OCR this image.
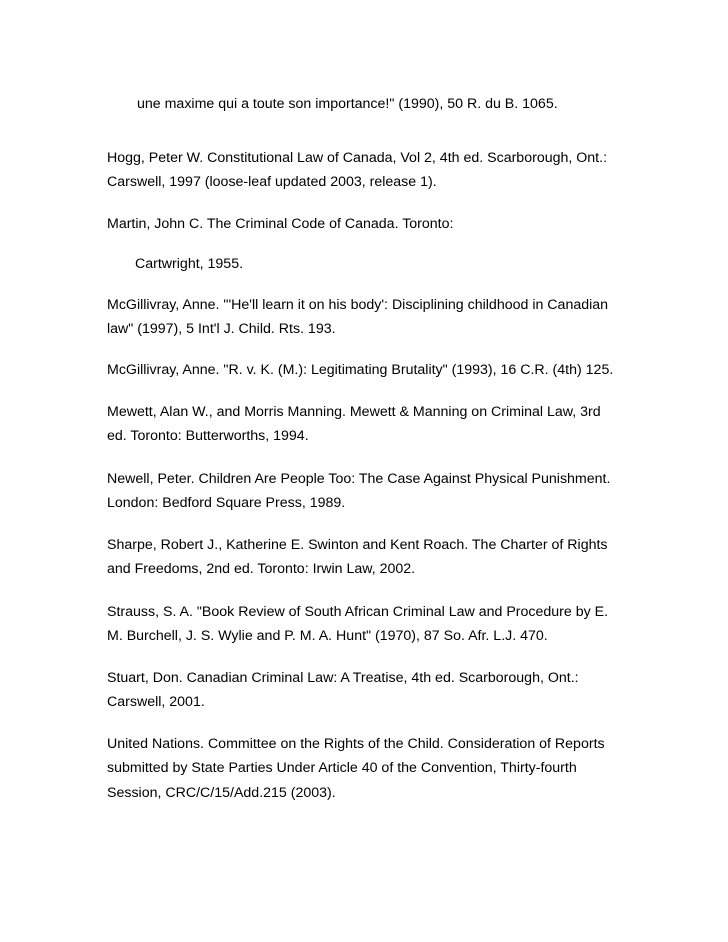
une maxime qui a toute son importance!" (1990), 50 R. du B. 1065.
Hogg, Peter W. Constitutional Law of Canada, Vol 2, 4th ed. Scarborough, Ont.:
Carswell, 1997 (loose-leaf updated 2003, release 1).
Martin, John C. The Criminal Code of Canada. Toronto:
Cartwright, 1955.
McGillivray, Anne. "'He'll learn it on his body': Disciplining childhood in Canadian
law" (1997), 5 Int'l J. Child. Rts. 193.
McGillivray, Anne. "R. v. K. (M.): Legitimating Brutality" (1993), 16 C.R. (4th) 125.
Mewett, Alan W., and Morris Manning. Mewett & Manning on Criminal Law, 3rd
ed. Toronto: Butterworths, 1994.
Newell, Peter. Children Are People Too: The Case Against Physical Punishment.
London: Bedford Square Press, 1989.
Sharpe, Robert J., Katherine E. Swinton and Kent Roach. The Charter of Rights
and Freedoms, 2nd ed. Toronto: Irwin Law, 2002.
Strauss, S. A. "Book Review of South African Criminal Law and Procedure by E.
M. Burchell, J. S. Wylie and P. M. A. Hunt" (1970), 87 So. Afr. L.J. 470.
Stuart, Don. Canadian Criminal Law: A Treatise, 4th ed. Scarborough, Ont.:
Carswell, 2001.
United Nations. Committee on the Rights of the Child. Consideration of Reports
submitted by State Parties Under Article 40 of the Convention, Thirty-fourth
Session, CRC/C/15/Add.215 (2003).
